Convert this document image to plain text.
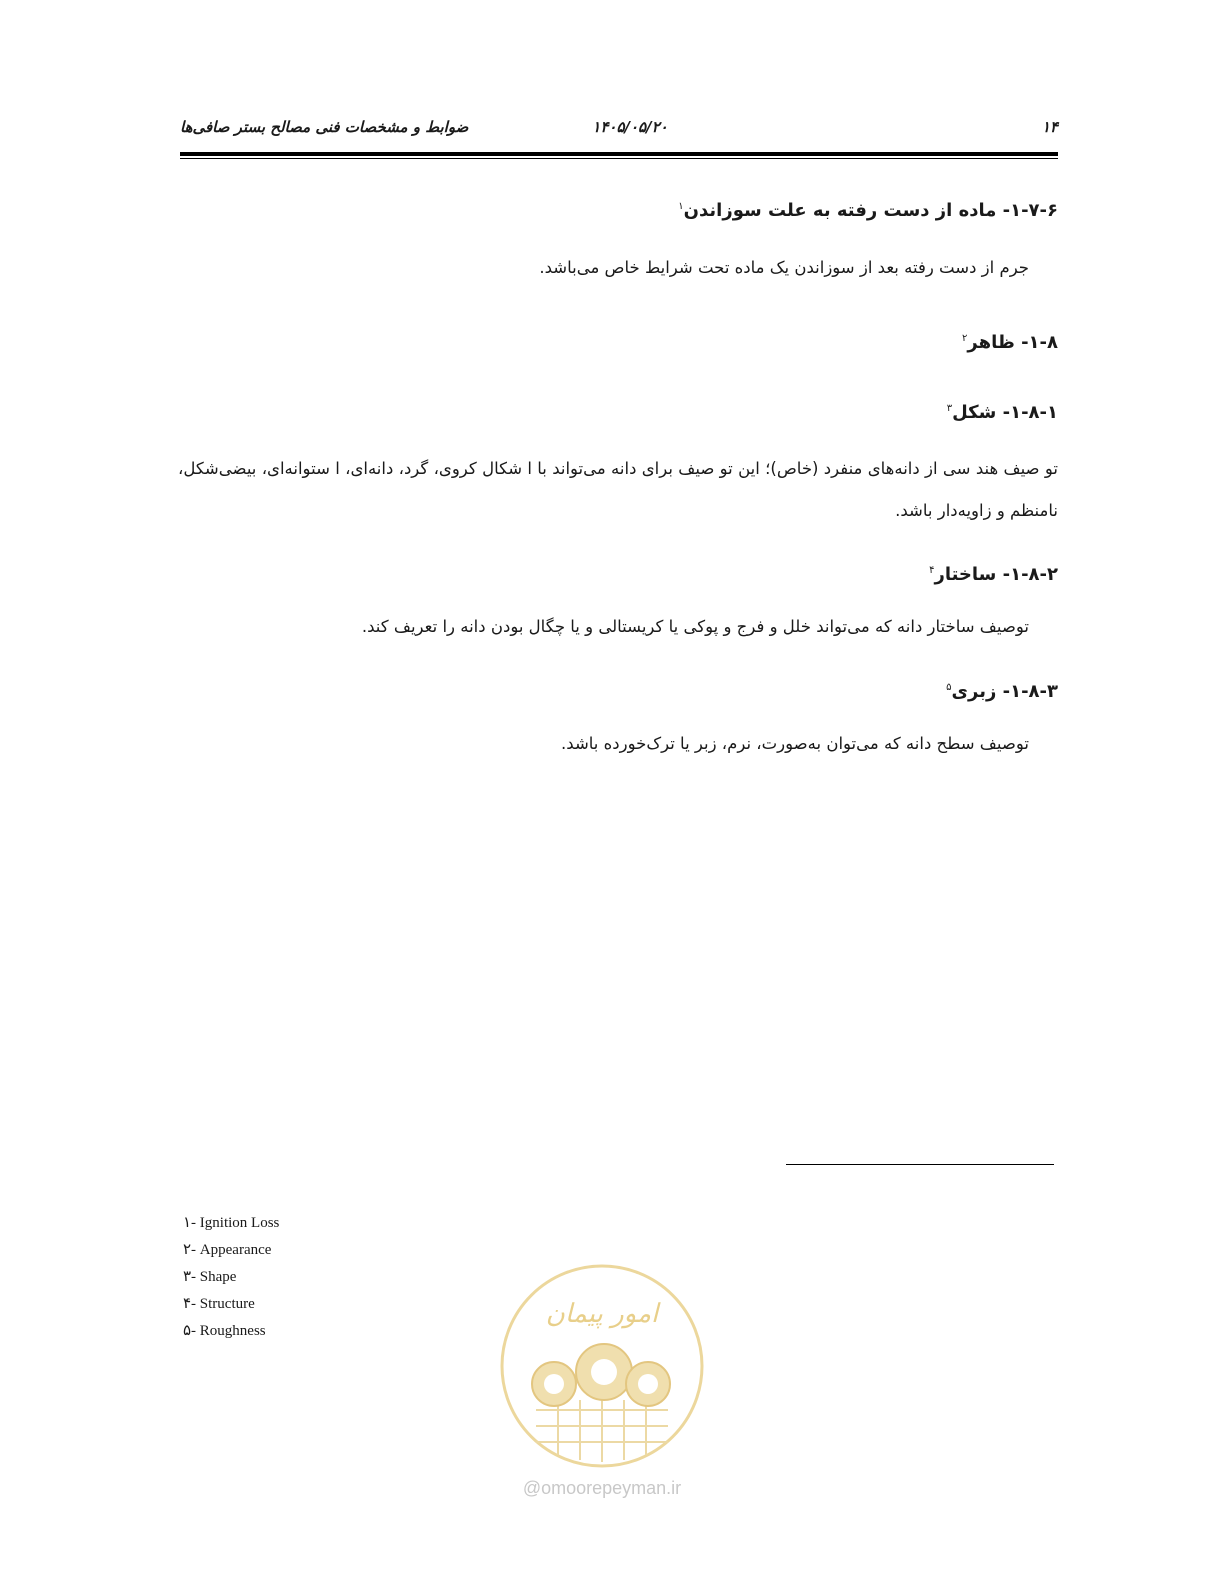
۱۴
۱۴۰۵/۰۵/۲۰
ضوابط و مشخصات فنی مصالح بستر صافی‌ها
۱-۷-۶- ماده از دست رفته به علت سوزاندن$^۱$
جرم از دست رفته بعد از سوزاندن یک ماده تحت شرایط خاص می‌باشد.
۱-۸- ظاهر$^۲$
۱-۸-۱- شکل$^۳$
تو صیف هند سی از دانه‌های منفرد (خاص)؛ این تو صیف برای دانه می‌تواند با ا شکال کروی، گرد، دانه‌ای، ا ستوانه‌ای، بیضی‌شکل، نامنظم و زاویه‌دار باشد.
۱-۸-۲- ساختار$^۴$
توصیف ساختار دانه که می‌تواند خلل و فرج و پوکی یا کریستالی و یا چگال بودن دانه را تعریف کند.
۱-۸-۳- زبری$^۵$
توصیف سطح دانه که می‌توان به‌صورت، نرم، زبر یا ترک‌خورده باشد.
۱- Ignition Loss
۲- Appearance
۳- Shape
۴- Structure
۵- Roughness
امور پیمان
@omoorepeyman.ir
